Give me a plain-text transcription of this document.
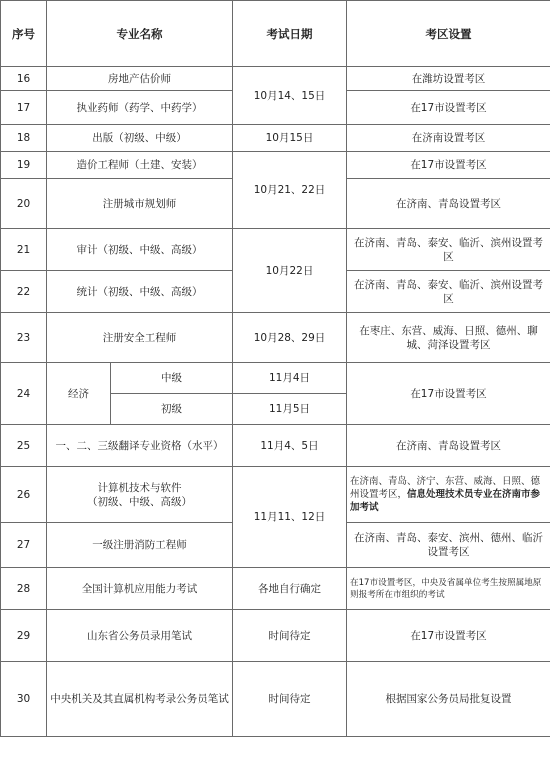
序号	专业名称		考试日期	考区设置
16	房地产估价师		10月14、15日	在潍坊设置考区
17	执业药师（药学、中药学）			在17市设置考区
18	出版（初级、中级）		10月15日	在济南设置考区
19	造价工程师（土建、安装）		10月21、22日	在17市设置考区
20	注册城市规划师			在济南、青岛设置考区
21	审计（初级、中级、高级）		10月22日	在济南、青岛、泰安、临沂、滨州设置考区
22	统计（初级、中级、高级）			在济南、青岛、泰安、临沂、滨州设置考区
23	注册安全工程师		10月28、29日	在枣庄、东营、威海、日照、德州、聊城、菏泽设置考区
24	经济	中级	11月4日	在17市设置考区
		初级	11月5日	
25	一、二、三级翻译专业资格（水平）		11月4、5日	在济南、青岛设置考区
26	计算机技术与软件
（初级、中级、高级）		11月11、12日	在济南、青岛、济宁、东营、威海、日照、德州设置考区，信息处理技术员专业在济南市参加考试
27	一级注册消防工程师			在济南、青岛、泰安、滨州、德州、临沂设置考区
28	全国计算机应用能力考试		各地自行确定	在17市设置考区，中央及省属单位考生按照属地原则报考所在市组织的考试
29	山东省公务员录用笔试		时间待定	在17市设置考区
30	中央机关及其直属机构考录公务员笔试		时间待定	根据国家公务员局批复设置
